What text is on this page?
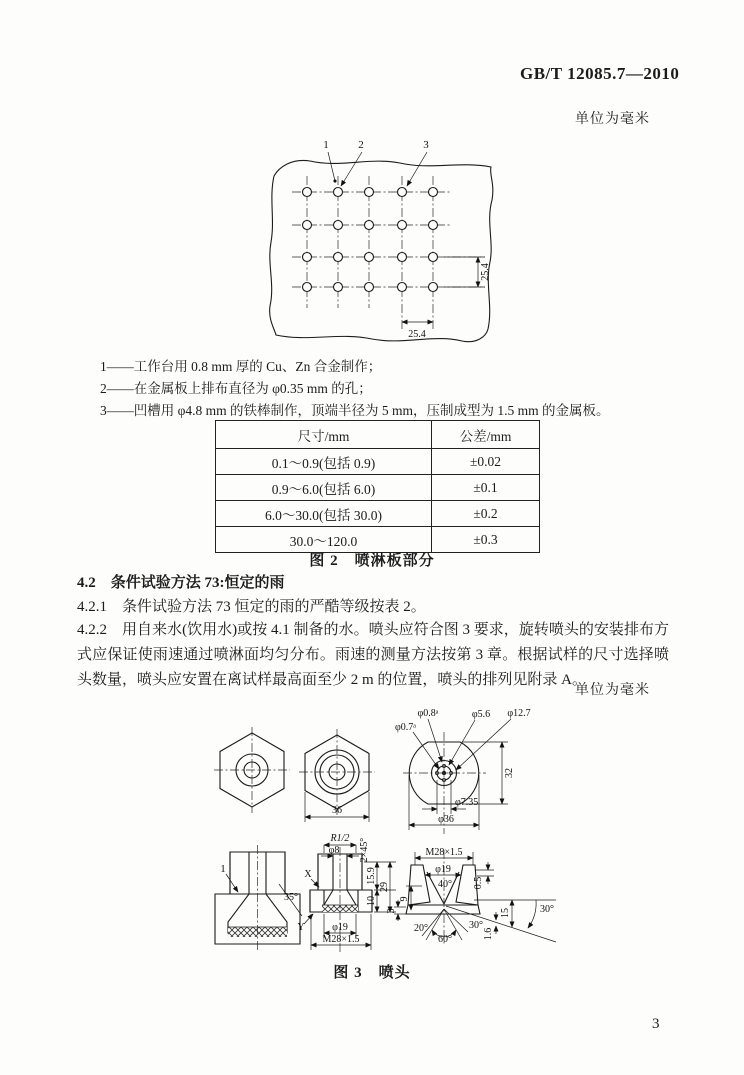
GB/T 12085.7—2010
单位为毫米
1	2	3
25.4
25.4
1——工作台用 0.8 mm 厚的 Cu、Zn 合金制作；
2——在金属板上排布直径为 φ0.35 mm 的孔；
3——凹槽用 φ4.8 mm 的铁棒制作，顶端半径为 5 mm，压制成型为 1.5 mm 的金属板。
尺寸/mm	公差/mm
0.1～0.9(包括 0.9)	±0.02
0.9～6.0(包括 6.0)	±0.1
6.0～30.0(包括 30.0)	±0.2
30.0～120.0	±0.3
图 2　喷淋板部分
4.2　条件试验方法 73:恒定的雨
4.2.1　条件试验方法 73 恒定的雨的严酷等级按表 2。
4.2.2　用自来水(饮用水)或按 4.1 制备的水。喷头应符合图 3 要求，旋转喷头的安装排布方式应保证使雨速通过喷淋面均匀分布。雨速的测量方法按第 3 章。根据试样的尺寸选择喷头数量，喷头应安置在离试样最高面至少 2 m 的位置，喷头的排列见附录 A。
单位为毫米
36
φ0.7ᵃ
φ0.8ᵃ	φ5.6 φ12.7
32
φ7.35
φ36
1
35°
R1/2
φ8 2×45°
X
Y
15.9
10
29
φ19
M28×1.5
M28×1.5
φ19
40° 0.5
9
3
60°
20°	30°
30°
15
1.6
图 3　喷头
3
